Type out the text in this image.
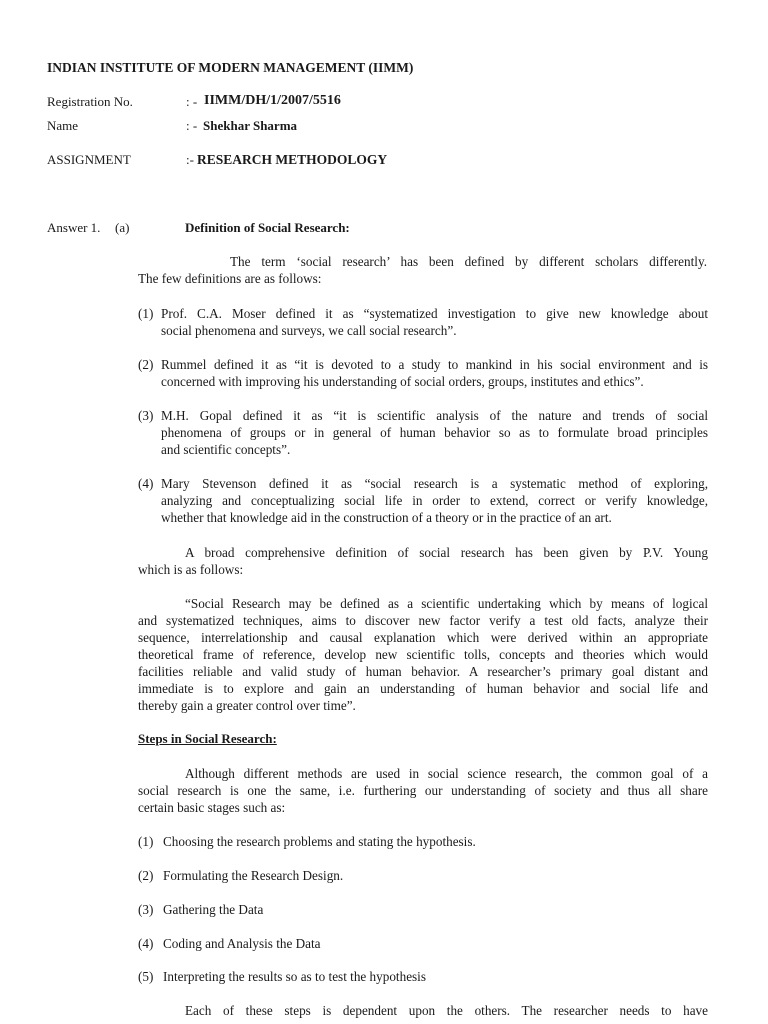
INDIAN INSTITUTE OF MODERN MANAGEMENT (IIMM)
Registration No.	: - IIMM/DH/1/2007/5516
Name	: - Shekhar Sharma
ASSIGNMENT	:- RESEARCH METHODOLOGY
Answer 1. (a)	Definition of Social Research:
The term ‘social research’ has been defined by different scholars differently.
The few definitions are as follows:
(1) Prof. C.A. Moser defined it as “systematized investigation to give new knowledge about
social phenomena and surveys, we call social research”.
(2) Rummel defined it as “it is devoted to a study to mankind in his social environment and is
concerned with improving his understanding of social orders, groups, institutes and ethics”.
(3) M.H. Gopal defined it as “it is scientific analysis of the nature and trends of social
phenomena of groups or in general of human behavior so as to formulate broad principles
and scientific concepts”.
(4) Mary Stevenson defined it as “social research is a systematic method of exploring,
analyzing and conceptualizing social life in order to extend, correct or verify knowledge,
whether that knowledge aid in the construction of a theory or in the practice of an art.
A broad comprehensive definition of social research has been given by P.V. Young
which is as follows:
“Social Research may be defined as a scientific undertaking which by means of logical
and systematized techniques, aims to discover new factor verify a test old facts, analyze their
sequence, interrelationship and causal explanation which were derived within an appropriate
theoretical frame of reference, develop new scientific tolls, concepts and theories which would
facilities reliable and valid study of human behavior. A researcher’s primary goal distant and
immediate is to explore and gain an understanding of human behavior and social life and
thereby gain a greater control over time”.
Steps in Social Research:
Although different methods are used in social science research, the common goal of a
social research is one the same, i.e. furthering our understanding of society and thus all share
certain basic stages such as:
(1) Choosing the research problems and stating the hypothesis.
(2) Formulating the Research Design.
(3) Gathering the Data
(4) Coding and Analysis the Data
(5) Interpreting the results so as to test the hypothesis
Each of these steps is dependent upon the others. The researcher needs to have
